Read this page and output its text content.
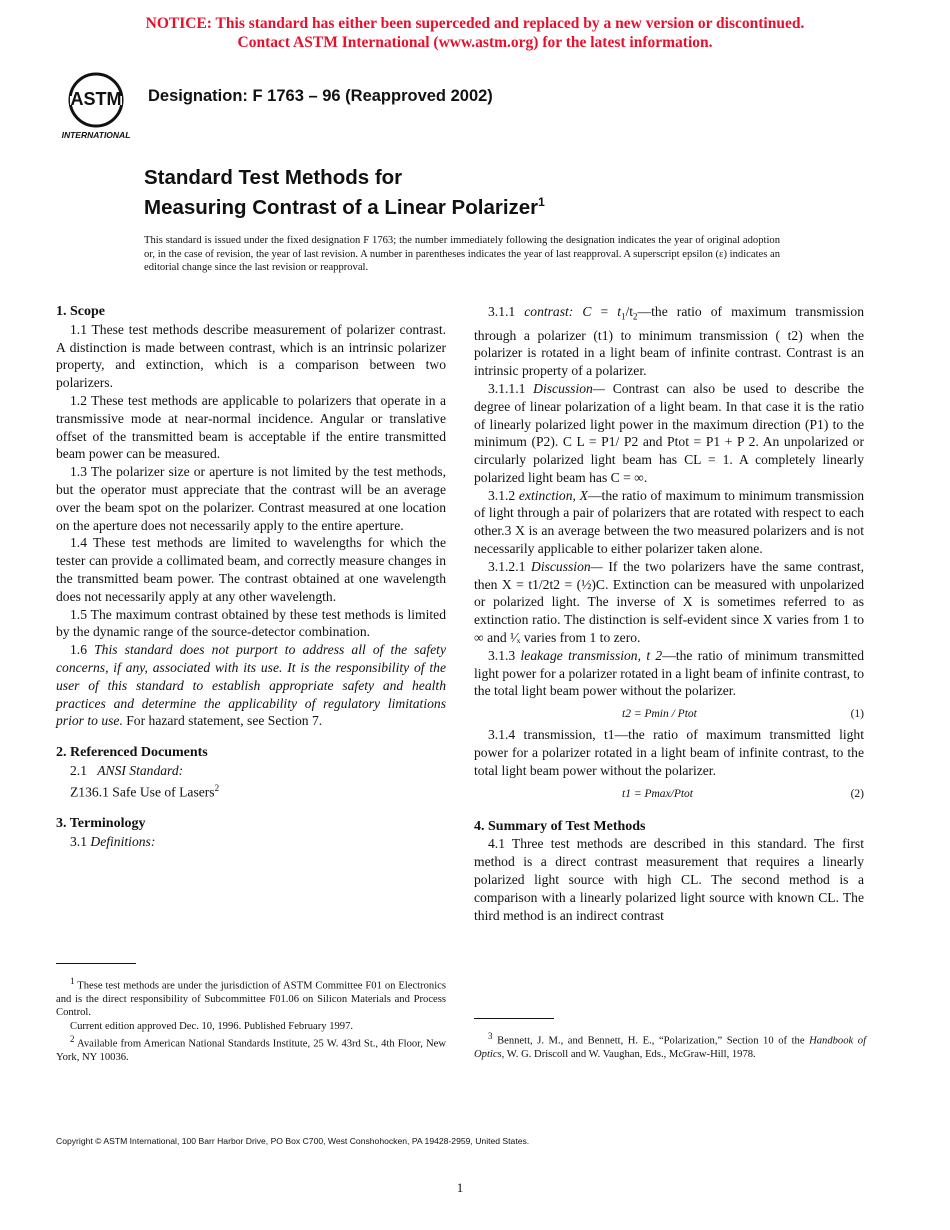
NOTICE: This standard has either been superceded and replaced by a new version or discontinued.
Contact ASTM International (www.astm.org) for the latest information.
ASTM
INTERNATIONAL
Designation: F 1763 – 96 (Reapproved 2002)
Standard Test Methods for
Measuring Contrast of a Linear Polarizer$^1$
This standard is issued under the fixed designation F 1763; the number immediately following the designation indicates the year of original adoption or, in the case of revision, the year of last revision. A number in parentheses indicates the year of last reapproval. A superscript epsilon (ε) indicates an editorial change since the last revision or reapproval.

1. Scope

1.1 These test methods describe measurement of polarizer contrast. A distinction is made between contrast, which is an intrinsic polarizer property, and extinction, which is a comparison between two polarizers.

1.2 These test methods are applicable to polarizers that operate in a transmissive mode at near-normal incidence. Angular or translative offset of the transmitted beam is acceptable if the entire transmitted beam power can be measured.

1.3 The polarizer size or aperture is not limited by the test methods, but the operator must appreciate that the contrast will be an average over the beam spot on the polarizer. Contrast measured at one location on the aperture does not necessarily apply to the entire aperture.

1.4 These test methods are limited to wavelengths for which the tester can provide a collimated beam, and correctly measure changes in the transmitted beam power. The contrast obtained at one wavelength does not necessarily apply at any other wavelength.

1.5 The maximum contrast obtained by these test methods is limited by the dynamic range of the source-detector combination.

1.6 This standard does not purport to address all of the safety concerns, if any, associated with its use. It is the responsibility of the user of this standard to establish appropriate safety and health practices and determine the applicability of regulatory limitations prior to use. For hazard statement, see Section 7.

2. Referenced Documents

2.1 ANSI Standard:

Z136.1 Safe Use of Lasers$^2$

3. Terminology

3.1 Definitions:

$^1$ These test methods are under the jurisdiction of ASTM Committee F01 on Electronics and is the direct responsibility of Subcommittee F01.06 on Silicon Materials and Process Control.

Current edition approved Dec. 10, 1996. Published February 1997.

$^2$ Available from American National Standards Institute, 25 W. 43rd St., 4th Floor, New York, NY 10036.

3.1.1 contrast: $C = t_1/t_2—the$ ratio of maximum transmission through a polarizer (t1) to minimum transmission ( t2) when the polarizer is rotated in a light beam of infinite contrast. Contrast is an intrinsic property of a polarizer.

3.1.1.1 Discussion— Contrast can also be used to describe the degree of linear polarization of a light beam. In that case it is the ratio of linearly polarized light power in the maximum direction (P1) to the minimum (P2). C L = P1/ P2 and Ptot = P1 + P 2. An unpolarized or circularly polarized light beam has CL = 1. A completely linearly polarized light beam has C = ∞.

3.1.2 extinction, X—the ratio of maximum to minimum transmission of light through a pair of polarizers that are rotated with respect to each other.3 X is an average between the two measured polarizers and is not necessarily applicable to either polarizer taken alone.

3.1.2.1 Discussion— If the two polarizers have the same contrast, then X = t1/2t2 = (½)C. Extinction can be measured with unpolarized or polarized light. The inverse of X is sometimes referred to as extinction ratio. The distinction is self-evident since X varies from 1 to ∞ and ¹⁄ₓ varies from 1 to zero.

3.1.3 leakage transmission, t 2—the ratio of minimum transmitted light power for a polarizer rotated in a light beam of infinite contrast, to the total light beam power without the polarizer.

t2 = Pmin / Ptot	(1)

3.1.4 transmission, t1—the ratio of maximum transmitted light power for a polarizer rotated in a light beam of infinite contrast, to the total light beam power without the polarizer.

t1 = Pmax/Ptot	(2)

4. Summary of Test Methods

4.1 Three test methods are described in this standard. The first method is a direct contrast measurement that requires a linearly polarized light source with high CL. The second method is a comparison with a linearly polarized light source with known CL. The third method is an indirect contrast

$^3$ Bennett, J. M., and Bennett, H. E., “Polarization,” Section 10 of the Handbook of Optics, W. G. Driscoll and W. Vaughan, Eds., McGraw-Hill, 1978.

Copyright © ASTM International, 100 Barr Harbor Drive, PO Box C700, West Conshohocken, PA 19428-2959, United States.
1
